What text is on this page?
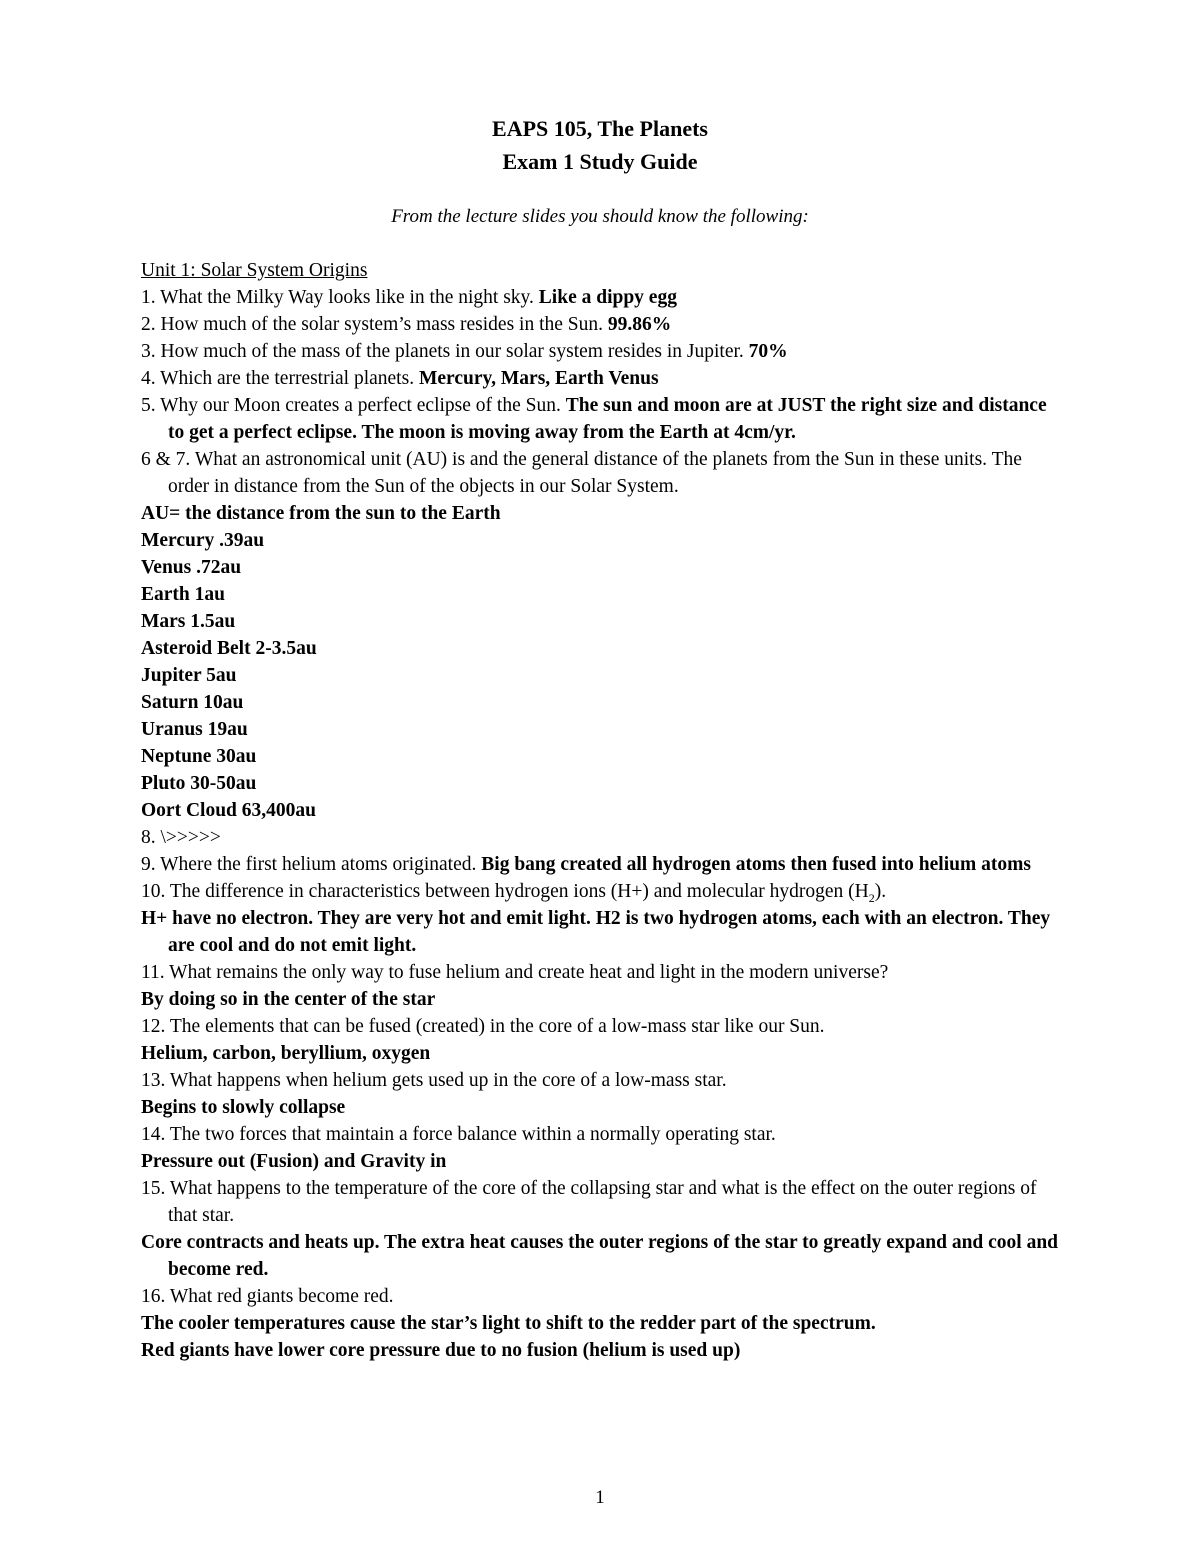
EAPS 105, The Planets
Exam 1 Study Guide
From the lecture slides you should know the following:
Unit 1: Solar System Origins
1. What the Milky Way looks like in the night sky. Like a dippy egg
2. How much of the solar system’s mass resides in the Sun. 99.86%
3. How much of the mass of the planets in our solar system resides in Jupiter. 70%
4. Which are the terrestrial planets. Mercury, Mars, Earth Venus
5. Why our Moon creates a perfect eclipse of the Sun. The sun and moon are at JUST the right size and distance to get a perfect eclipse. The moon is moving away from the Earth at 4cm/yr.
6 & 7. What an astronomical unit (AU) is and the general distance of the planets from the Sun in these units. The order in distance from the Sun of the objects in our Solar System.
AU= the distance from the sun to the Earth
Mercury .39au
Venus .72au
Earth 1au
Mars 1.5au
Asteroid Belt 2-3.5au
Jupiter 5au
Saturn 10au
Uranus 19au
Neptune 30au
Pluto 30-50au
Oort Cloud 63,400au
8. \>>>>>
9. Where the first helium atoms originated. Big bang created all hydrogen atoms then fused into helium atoms
10. The difference in characteristics between hydrogen ions (H+) and molecular hydrogen $(H_2)$.
H+ have no electron. They are very hot and emit light. H2 is two hydrogen atoms, each with an electron. They are cool and do not emit light.
11. What remains the only way to fuse helium and create heat and light in the modern universe?
By doing so in the center of the star
12. The elements that can be fused (created) in the core of a low-mass star like our Sun.
Helium, carbon, beryllium, oxygen
13. What happens when helium gets used up in the core of a low-mass star.
Begins to slowly collapse
14. The two forces that maintain a force balance within a normally operating star.
Pressure out (Fusion) and Gravity in
15. What happens to the temperature of the core of the collapsing star and what is the effect on the outer regions of that star.
Core contracts and heats up. The extra heat causes the outer regions of the star to greatly expand and cool and become red.
16. What red giants become red.
The cooler temperatures cause the star’s light to shift to the redder part of the spectrum.
Red giants have lower core pressure due to no fusion (helium is used up)
1
